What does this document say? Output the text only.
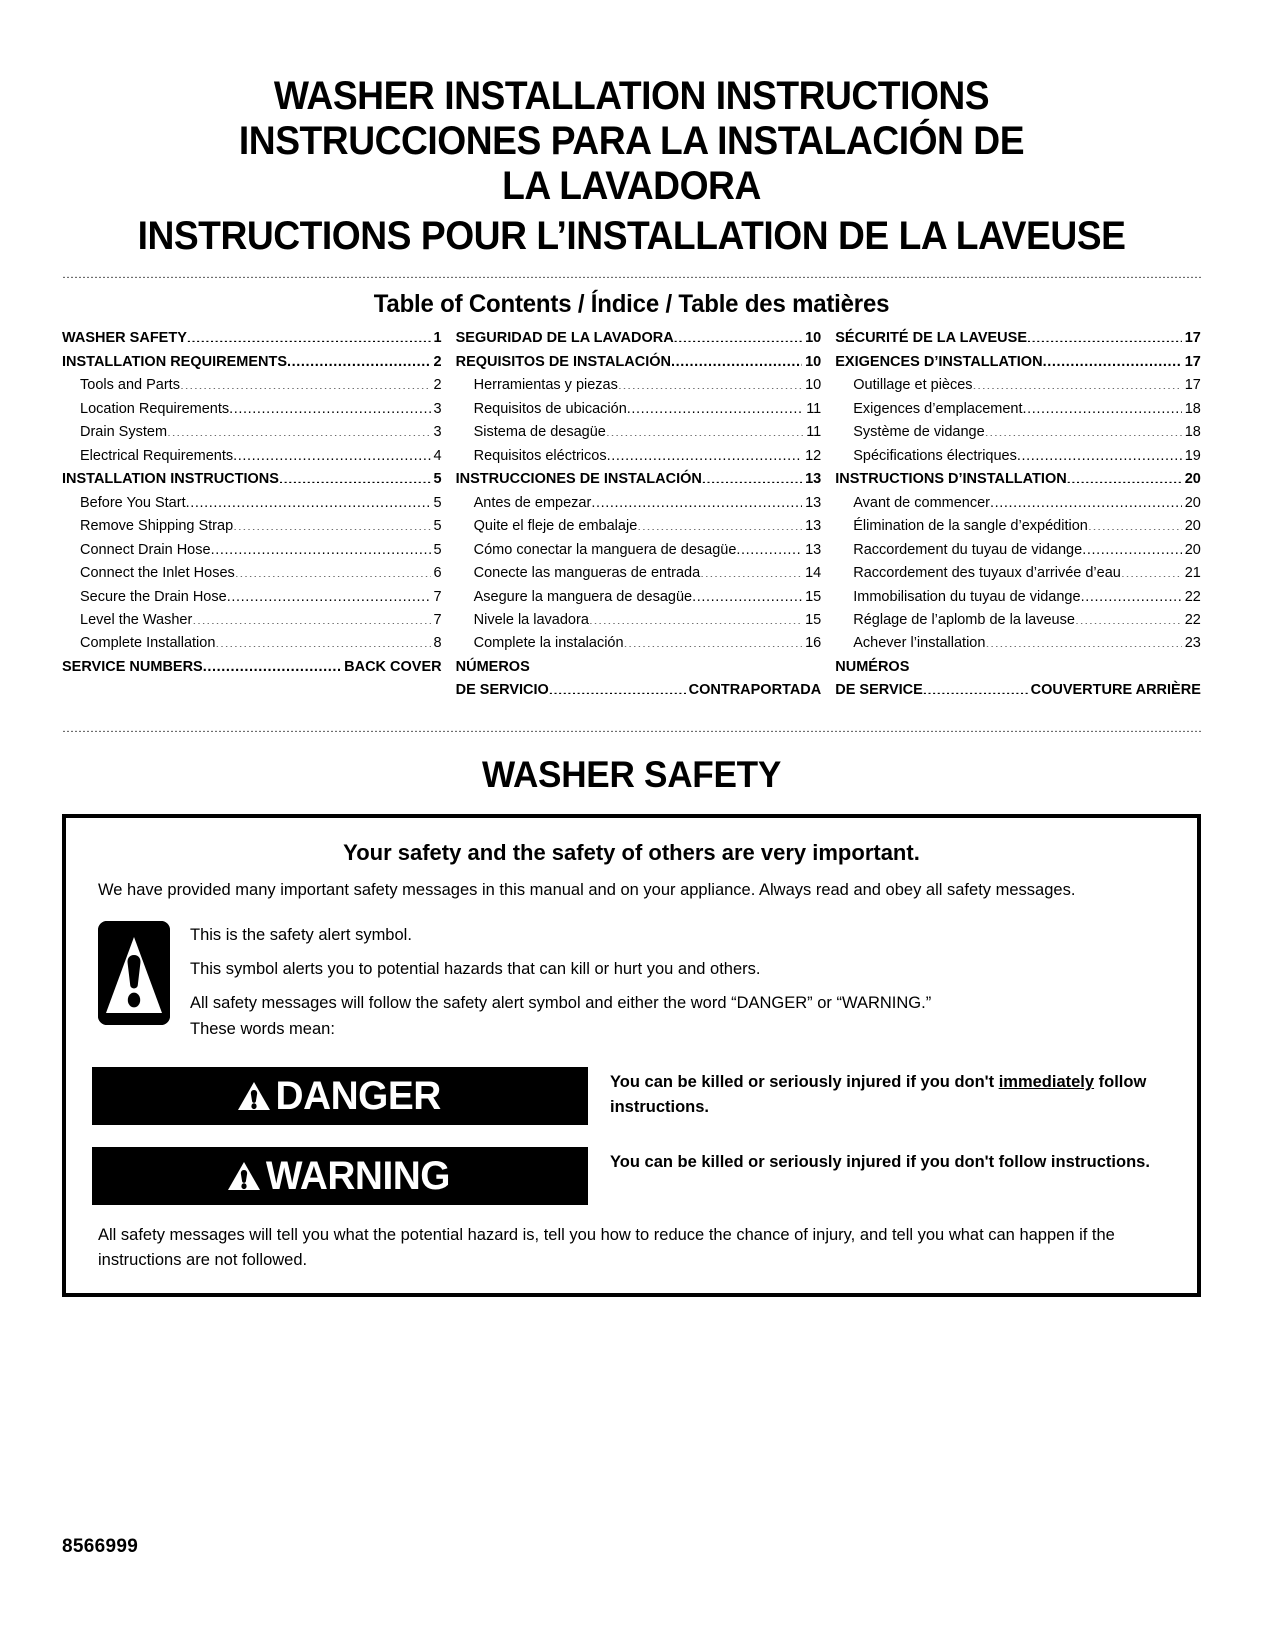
WASHER INSTALLATION INSTRUCTIONS
INSTRUCCIONES PARA LA INSTALACIÓN DE
LA LAVADORA
INSTRUCTIONS POUR L’INSTALLATION DE LA LAVEUSE
Table of Contents / Índice / Table des matières
WASHER SAFETY .....	1
INSTALLATION REQUIREMENTS .....	2
Tools and Parts .....	2
Location Requirements .....	3
Drain System .....	3
Electrical Requirements .....	4
INSTALLATION INSTRUCTIONS .....	5
Before You Start .....	5
Remove Shipping Strap .....	5
Connect Drain Hose .....	5
Connect the Inlet Hoses .....	6
Secure the Drain Hose .....	7
Level the Washer .....	7
Complete Installation .....	8
SERVICE NUMBERS .....	BACK COVER
SEGURIDAD DE LA LAVADORA .....	10
REQUISITOS DE INSTALACIÓN .....	10
Herramientas y piezas .....	10
Requisitos de ubicación .....	11
Sistema de desagüe .....	11
Requisitos eléctricos .....	12
INSTRUCCIONES DE INSTALACIÓN .....	13
Antes de empezar .....	13
Quite el fleje de embalaje .....	13
Cómo conectar la manguera de desagüe .....	13
Conecte las mangueras de entrada .....	14
Asegure la manguera de desagüe .....	15
Nivele la lavadora .....	15
Complete la instalación .....	16
NÚMEROS
DE SERVICIO .....	CONTRAPORTADA
SÉCURITÉ DE LA LAVEUSE .....	17
EXIGENCES D’INSTALLATION .....	17
Outillage et pièces .....	17
Exigences d’emplacement .....	18
Système de vidange .....	18
Spécifications électriques .....	19
INSTRUCTIONS D’INSTALLATION .....	20
Avant de commencer .....	20
Élimination de la sangle d’expédition .....	20
Raccordement du tuyau de vidange .....	20
Raccordement des tuyaux d’arrivée d’eau .....	21
Immobilisation du tuyau de vidange .....	22
Réglage de l’aplomb de la laveuse .....	22
Achever l’installation .....	23
NUMÉROS
DE SERVICE .....	COUVERTURE ARRIÈRE
WASHER SAFETY
Your safety and the safety of others are very important.

We have provided many important safety messages in this manual and on your appliance. Always read and obey all safety messages.

This is the safety alert symbol.

This symbol alerts you to potential hazards that can kill or hurt you and others.

All safety messages will follow the safety alert symbol and either the word “DANGER” or “WARNING.”

These words mean:

DANGER	You can be killed or seriously injured if you don't immediately follow instructions.
WARNING	You can be killed or seriously injured if you don't follow instructions.

All safety messages will tell you what the potential hazard is, tell you how to reduce the chance of injury, and tell you what can happen if the instructions are not followed.

8566999
